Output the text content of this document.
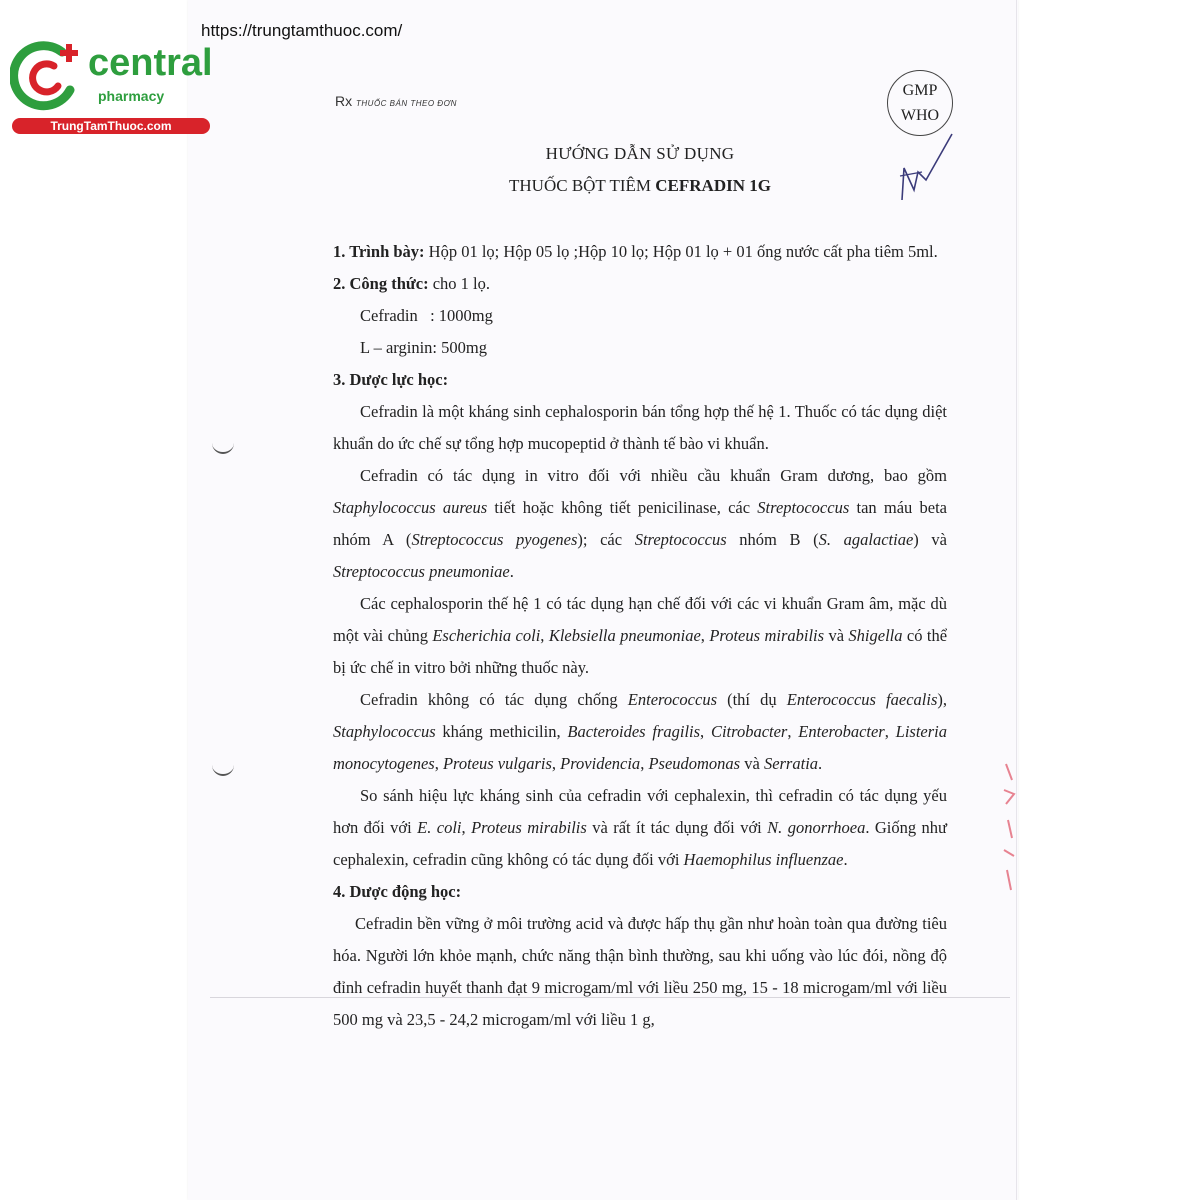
https://trungtamthuoc.com/
central
pharmacy
TrungTamThuoc.com
Rx THUỐC BÁN THEO ĐƠN
GMP
WHO
HƯỚNG DẪN SỬ DỤNG
THUỐC BỘT TIÊM CEFRADIN 1G

1. Trình bày: Hộp 01 lọ; Hộp 05 lọ ;Hộp 10 lọ; Hộp 01 lọ + 01 ống nước cất pha tiêm 5ml.

2. Công thức: cho 1 lọ.

Cefradin   : 1000mg

L – arginin: 500mg

3. Dược lực học:

Cefradin là một kháng sinh cephalosporin bán tổng hợp thế hệ 1. Thuốc có tác dụng diệt khuẩn do ức chế sự tổng hợp mucopeptid ở thành tế bào vi khuẩn.

Cefradin có tác dụng in vitro đối với nhiều cầu khuẩn Gram dương, bao gồm Staphylococcus aureus tiết hoặc không tiết penicilinase, các Streptococcus tan máu beta nhóm A (Streptococcus pyogenes); các Streptococcus nhóm B (S. agalactiae) và Streptococcus pneumoniae.

Các cephalosporin thế hệ 1 có tác dụng hạn chế đối với các vi khuẩn Gram âm, mặc dù một vài chủng Escherichia coli, Klebsiella pneumoniae, Proteus mirabilis và Shigella có thể bị ức chế in vitro bởi những thuốc này.

Cefradin không có tác dụng chống Enterococcus (thí dụ Enterococcus faecalis), Staphylococcus kháng methicilin, Bacteroides fragilis, Citrobacter, Enterobacter, Listeria monocytogenes, Proteus vulgaris, Providencia, Pseudomonas và Serratia.

So sánh hiệu lực kháng sinh của cefradin với cephalexin, thì cefradin có tác dụng yếu hơn đối với E. coli, Proteus mirabilis và rất ít tác dụng đối với N. gonorrhoea. Giống như cephalexin, cefradin cũng không có tác dụng đối với Haemophilus influenzae.

4. Dược động học:

Cefradin bền vững ở môi trường acid và được hấp thụ gần như hoàn toàn qua đường tiêu hóa. Người lớn khỏe mạnh, chức năng thận bình thường, sau khi uống vào lúc đói, nồng độ đỉnh cefradin huyết thanh đạt 9 microgam/ml với liều 250 mg, 15 - 18 microgam/ml với liều 500 mg và 23,5 - 24,2 microgam/ml với liều 1 g,
